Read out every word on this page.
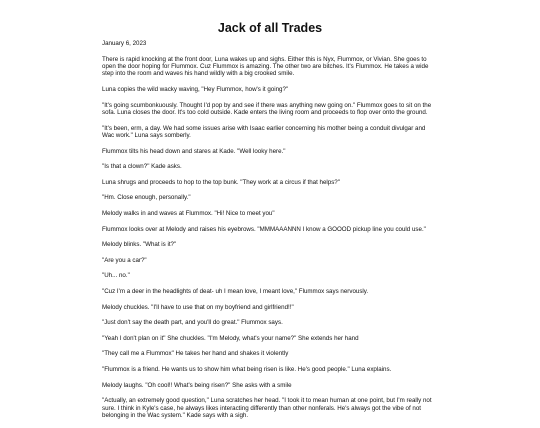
Jack of all Trades

January 6, 2023

There is rapid knocking at the front door, Luna wakes up and sighs. Either this is Nyx, Flummox, or Vivian. She goes to open the door hoping for Flummox. Cuz Flummox is amazing. The other two are bitches. It's Flummox. He takes a wide step into the room and waves his hand wildly with a big crooked smile.

Luna copies the wild wacky waving, "Hey Flummox, how's it going?"

"It's going scumbonkuously. Thought I'd pop by and see if there was anything new going on." Flummox goes to sit on the sofa. Luna closes the door. It's too cold outside. Kade enters the living room and proceeds to flop over onto the ground.

"It's been, erm, a day. We had some issues arise with Isaac earlier concerning his mother being a conduit divulgar and Wac work." Luna says somberly.

Flummox tilts his head down and stares at Kade. "Well looky here."

"Is that a clown?" Kade asks.

Luna shrugs and proceeds to hop to the top bunk. "They work at a circus if that helps?"

"Hm. Close enough, personally."

Melody walks in and waves at Flummox. "Hi! Nice to meet you"

Flummox looks over at Melody and raises his eyebrows. "MMMAAANNN I know a GOOOD pickup line you could use."

Melody blinks. "What is it?"

"Are you a car?"

"Uh... no."

"Cuz I'm a deer in the headlights of deat- uh I mean love, I meant love," Flummox says nervously.

Melody chuckles. "I'll have to use that on my boyfriend and girlfriend!!"

"Just don't say the death part, and you'll do great." Flummox says.

"Yeah I don't plan on it" She chuckles. "I'm Melody, what's your name?" She extends her hand

"They call me a Flummox" He takes her hand and shakes it violently

"Flummox is a friend. He wants us to show him what being risen is like. He's good people." Luna explains.

Melody laughs. "Oh cool!! What's being risen?" She asks with a smile

"Actually, an extremely good question," Luna scratches her head. "I took it to mean human at one point, but I'm really not sure. I think in Kyle's case, he always likes interacting differently than other nonferals. He's always got the vibe of not belonging in the Wac system." Kade says with a sigh.
